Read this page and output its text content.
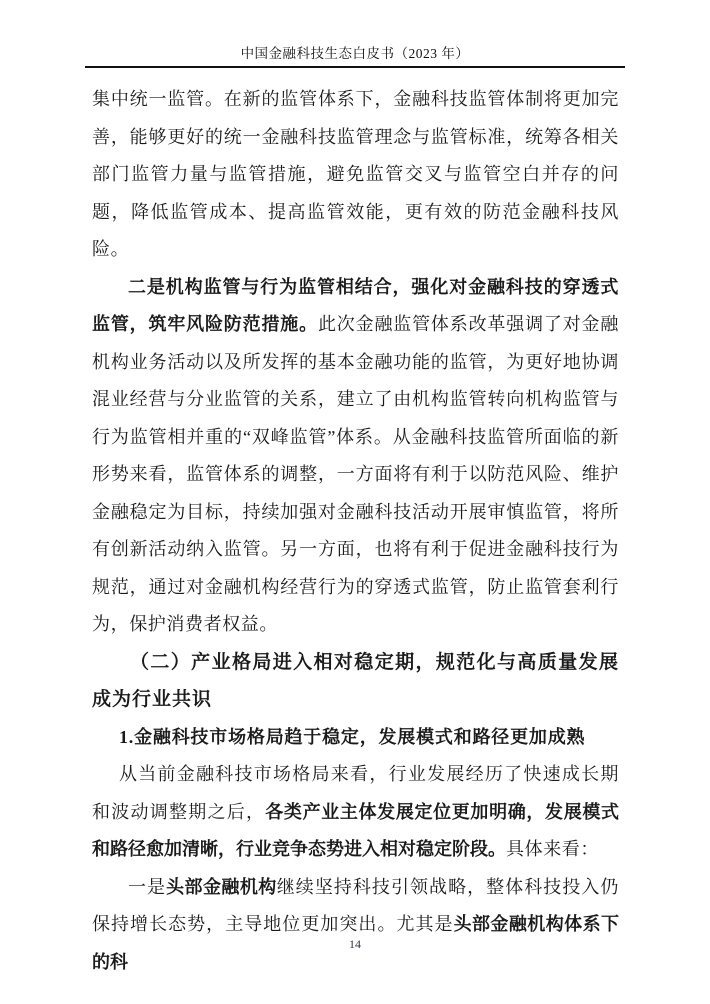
中国金融科技生态白皮书（2023 年）

集中统一监管。在新的监管体系下，金融科技监管体制将更加完善，能够更好的统一金融科技监管理念与监管标准，统筹各相关部门监管力量与监管措施，避免监管交叉与监管空白并存的问题，降低监管成本、提高监管效能，更有效的防范金融科技风险。

二是机构监管与行为监管相结合，强化对金融科技的穿透式监管，筑牢风险防范措施。此次金融监管体系改革强调了对金融机构业务活动以及所发挥的基本金融功能的监管，为更好地协调混业经营与分业监管的关系，建立了由机构监管转向机构监管与行为监管相并重的“双峰监管”体系。从金融科技监管所面临的新形势来看，监管体系的调整，一方面将有利于以防范风险、维护金融稳定为目标，持续加强对金融科技活动开展审慎监管，将所有创新活动纳入监管。另一方面，也将有利于促进金融科技行为规范，通过对金融机构经营行为的穿透式监管，防止监管套利行为，保护消费者权益。

（二）产业格局进入相对稳定期，规范化与高质量发展成为行业共识

1.金融科技市场格局趋于稳定，发展模式和路径更加成熟

从当前金融科技市场格局来看，行业发展经历了快速成长期和波动调整期之后，各类产业主体发展定位更加明确，发展模式和路径愈加清晰，行业竞争态势进入相对稳定阶段。具体来看：

一是头部金融机构继续坚持科技引领战略，整体科技投入仍保持增长态势，主导地位更加突出。尤其是头部金融机构体系下的科

14
